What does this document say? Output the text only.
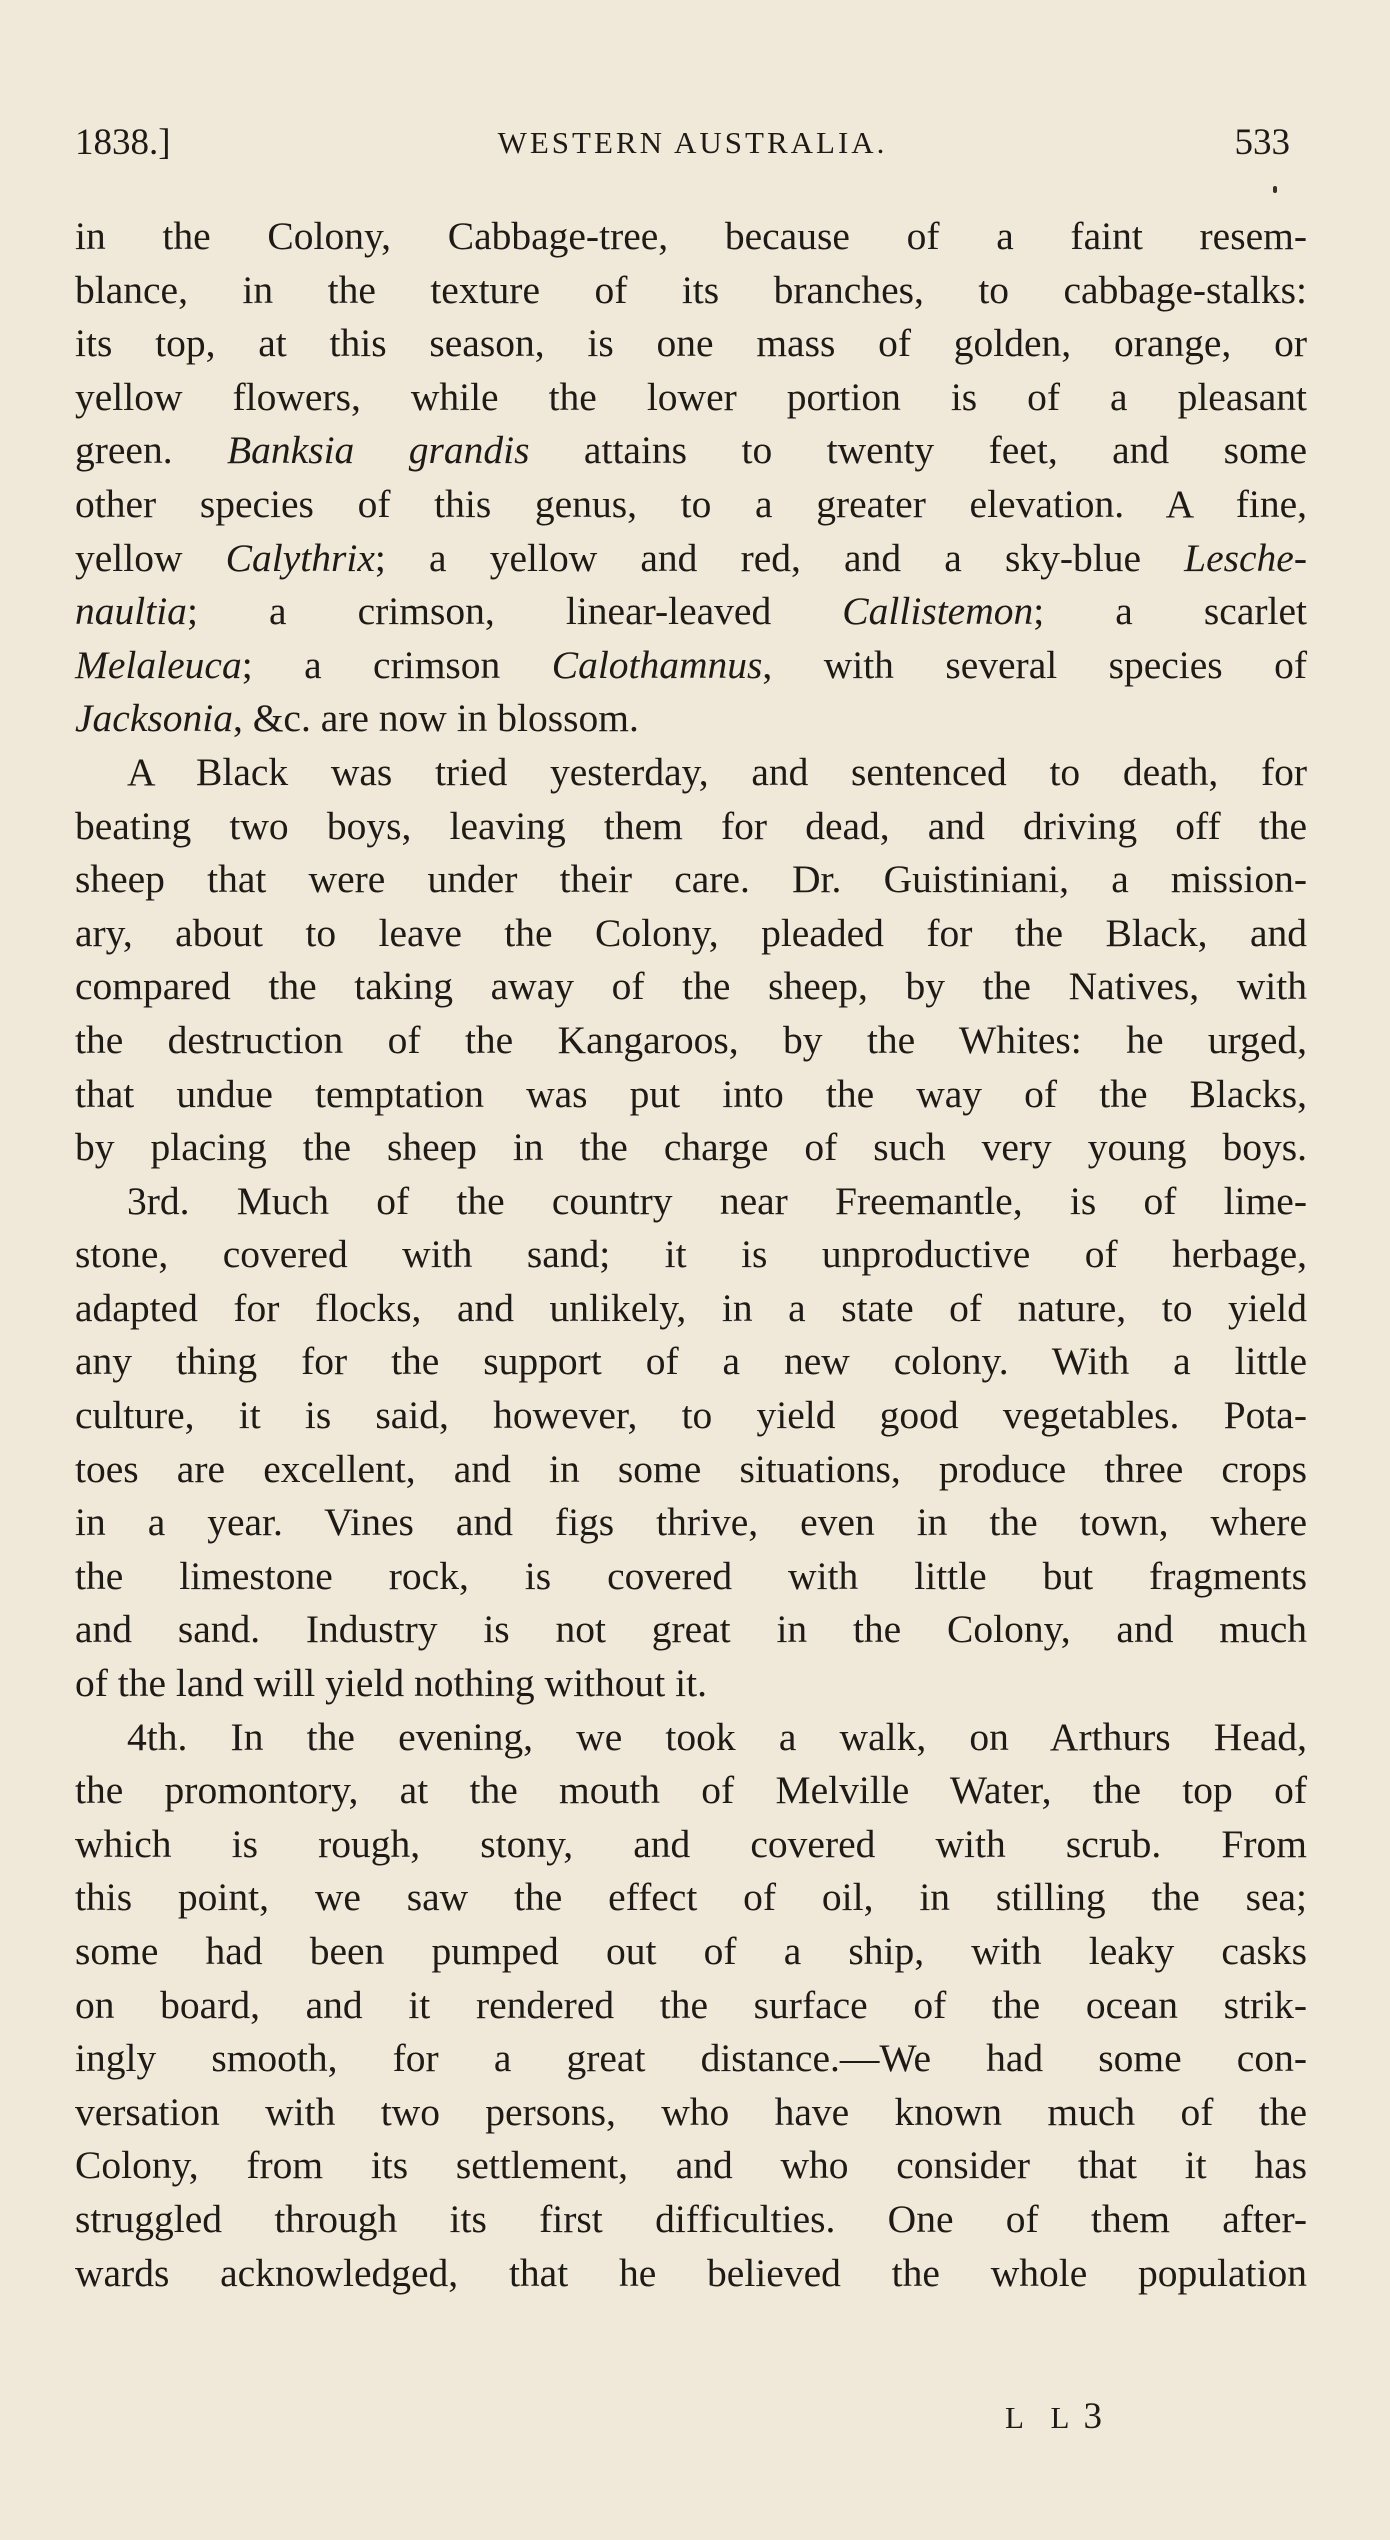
1838.]	WESTERN AUSTRALIA.	533
in the Colony, Cabbage-tree, because of a faint resem-
blance, in the texture of its branches, to cabbage-stalks:
its top, at this season, is one mass of golden, orange, or
yellow flowers, while the lower portion is of a pleasant
green. Banksia grandis attains to twenty feet, and some
other species of this genus, to a greater elevation. A fine,
yellow Calythrix; a yellow and red, and a sky-blue Lesche-
naultia; a crimson, linear-leaved Callistemon; a scarlet
Melaleuca; a crimson Calothamnus, with several species of
Jacksonia, &c. are now in blossom.
A Black was tried yesterday, and sentenced to death, for
beating two boys, leaving them for dead, and driving off the
sheep that were under their care. Dr. Guistiniani, a mission-
ary, about to leave the Colony, pleaded for the Black, and
compared the taking away of the sheep, by the Natives, with
the destruction of the Kangaroos, by the Whites: he urged,
that undue temptation was put into the way of the Blacks,
by placing the sheep in the charge of such very young boys.
3rd. Much of the country near Freemantle, is of lime-
stone, covered with sand; it is unproductive of herbage,
adapted for flocks, and unlikely, in a state of nature, to yield
any thing for the support of a new colony. With a little
culture, it is said, however, to yield good vegetables. Pota-
toes are excellent, and in some situations, produce three crops
in a year. Vines and figs thrive, even in the town, where
the limestone rock, is covered with little but fragments
and sand. Industry is not great in the Colony, and much
of the land will yield nothing without it.
4th. In the evening, we took a walk, on Arthurs Head,
the promontory, at the mouth of Melville Water, the top of
which is rough, stony, and covered with scrub. From
this point, we saw the effect of oil, in stilling the sea;
some had been pumped out of a ship, with leaky casks
on board, and it rendered the surface of the ocean strik-
ingly smooth, for a great distance.—We had some con-
versation with two persons, who have known much of the
Colony, from its settlement, and who consider that it has
struggled through its first difficulties. One of them after-
wards acknowledged, that he believed the whole population
L L 3
